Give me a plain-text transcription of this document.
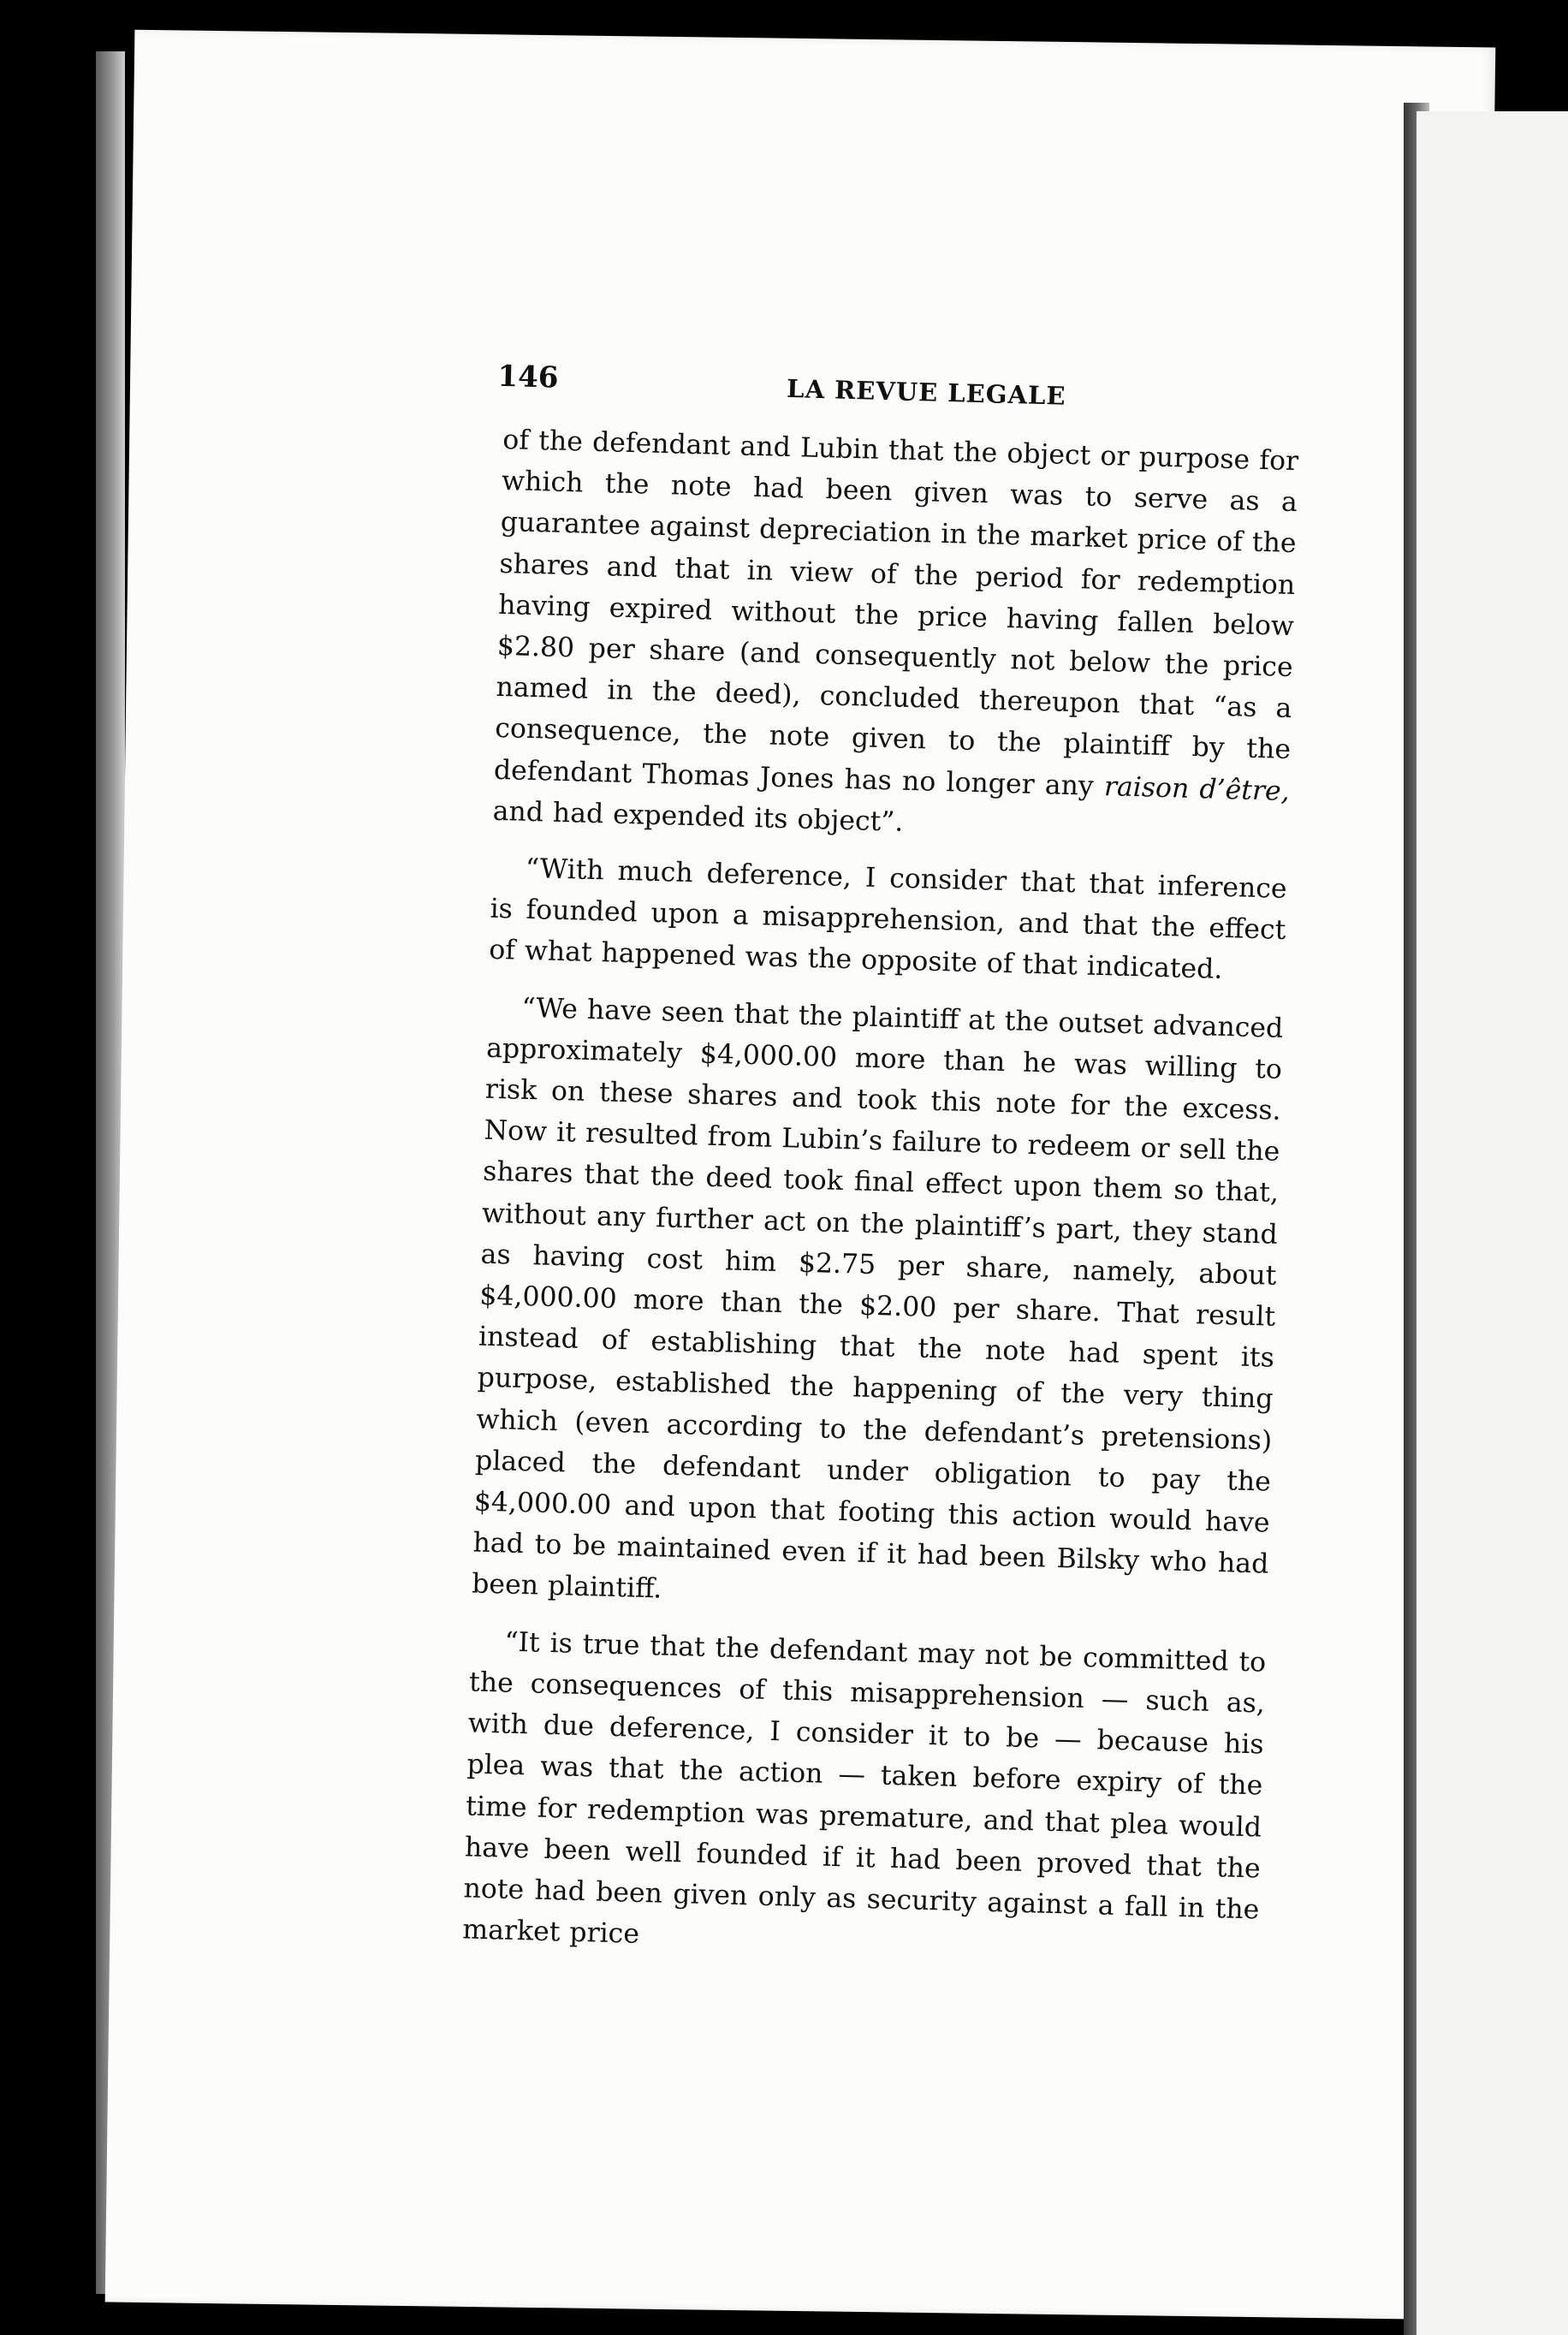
146	LA REVUE LEGALE

of the defendant and Lubin that the object or purpose for which the note had been given was to serve as a guarantee against depreciation in the market price of the shares and that in view of the period for redemption having expired without the price having fallen below $2.80 per share (and consequently not below the price named in the deed), concluded thereupon that “as a consequence, the note given to the plaintiff by the defendant Thomas Jones has no longer any raison d’être, and had expended its object”.

“With much deference, I consider that that inference is founded upon a misapprehension, and that the effect of what happened was the opposite of that indicated.

“We have seen that the plaintiff at the outset advanced approximately $4,000.00 more than he was willing to risk on these shares and took this note for the excess. Now it resulted from Lubin’s failure to redeem or sell the shares that the deed took final effect upon them so that, without any further act on the plaintiff’s part, they stand as having cost him $2.75 per share, namely, about $4,000.00 more than the $2.00 per share. That result instead of establishing that the note had spent its purpose, established the happening of the very thing which (even according to the defendant’s pretensions) placed the defendant under obligation to pay the $4,000.00 and upon that footing this action would have had to be maintained even if it had been Bilsky who had been plaintiff.

“It is true that the defendant may not be committed to the consequences of this misapprehension — such as, with due deference, I consider it to be — because his plea was that the action — taken before expiry of the time for redemption was premature, and that plea would have been well founded if it had been proved that the note had been given only as security against a fall in the market price
